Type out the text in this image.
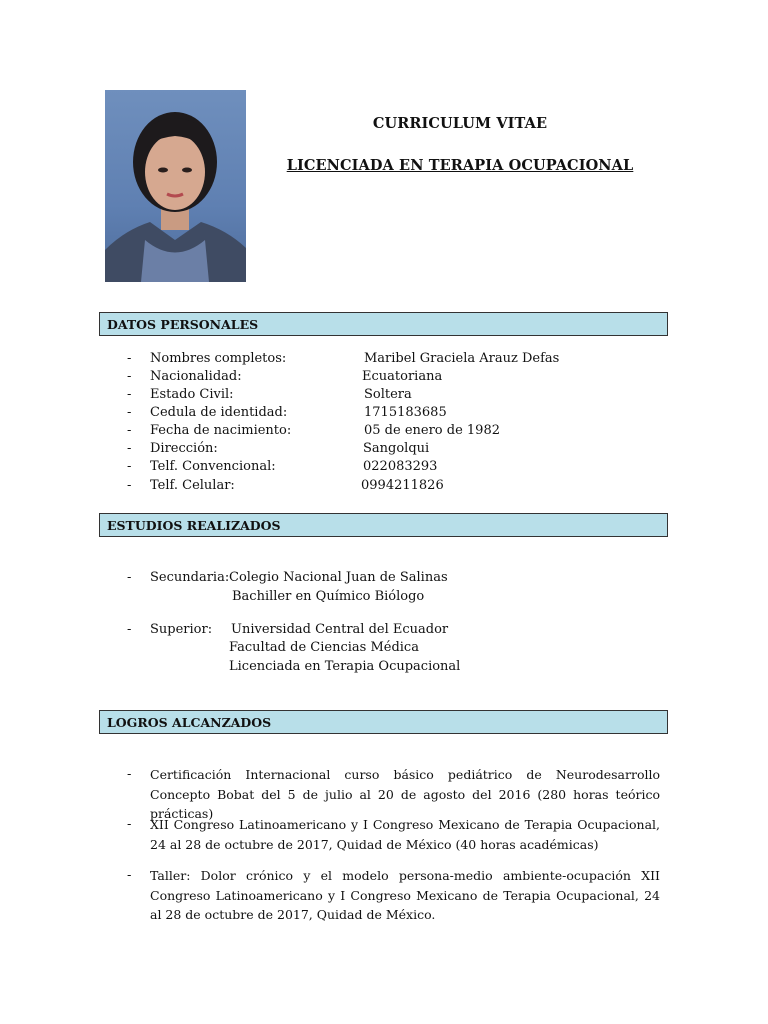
CURRICULUM VITAE
LICENCIADA EN TERAPIA OCUPACIONAL
DATOS PERSONALES
- Nombres completos:	Maribel Graciela Arauz Defas
- Nacionalidad:	Ecuatoriana
- Estado Civil:	Soltera
- Cedula de identidad:	1715183685
- Fecha de nacimiento:	05 de enero de 1982
- Dirección:	Sangolqui
- Telf. Convencional:	022083293
- Telf. Celular:	0994211826
ESTUDIOS REALIZADOS
- Secundaria: Colegio Nacional Juan de Salinas
Bachiller en Químico Biólogo
- Superior: Universidad Central del Ecuador
Facultad de Ciencias Médica
Licenciada en Terapia Ocupacional
LOGROS ALCANZADOS
- Certificación Internacional curso básico pediátrico de Neurodesarrollo Concepto Bobat del 5 de julio al 20 de agosto del 2016 (280 horas teórico prácticas)
- XII Congreso Latinoamericano y I Congreso Mexicano de Terapia Ocupacional, 24 al 28 de octubre de 2017, Quidad de México (40 horas académicas)
- Taller: Dolor crónico y el modelo persona-medio ambiente-ocupación XII Congreso Latinoamericano y I Congreso Mexicano de Terapia Ocupacional, 24 al 28 de octubre de 2017, Quidad de México.
